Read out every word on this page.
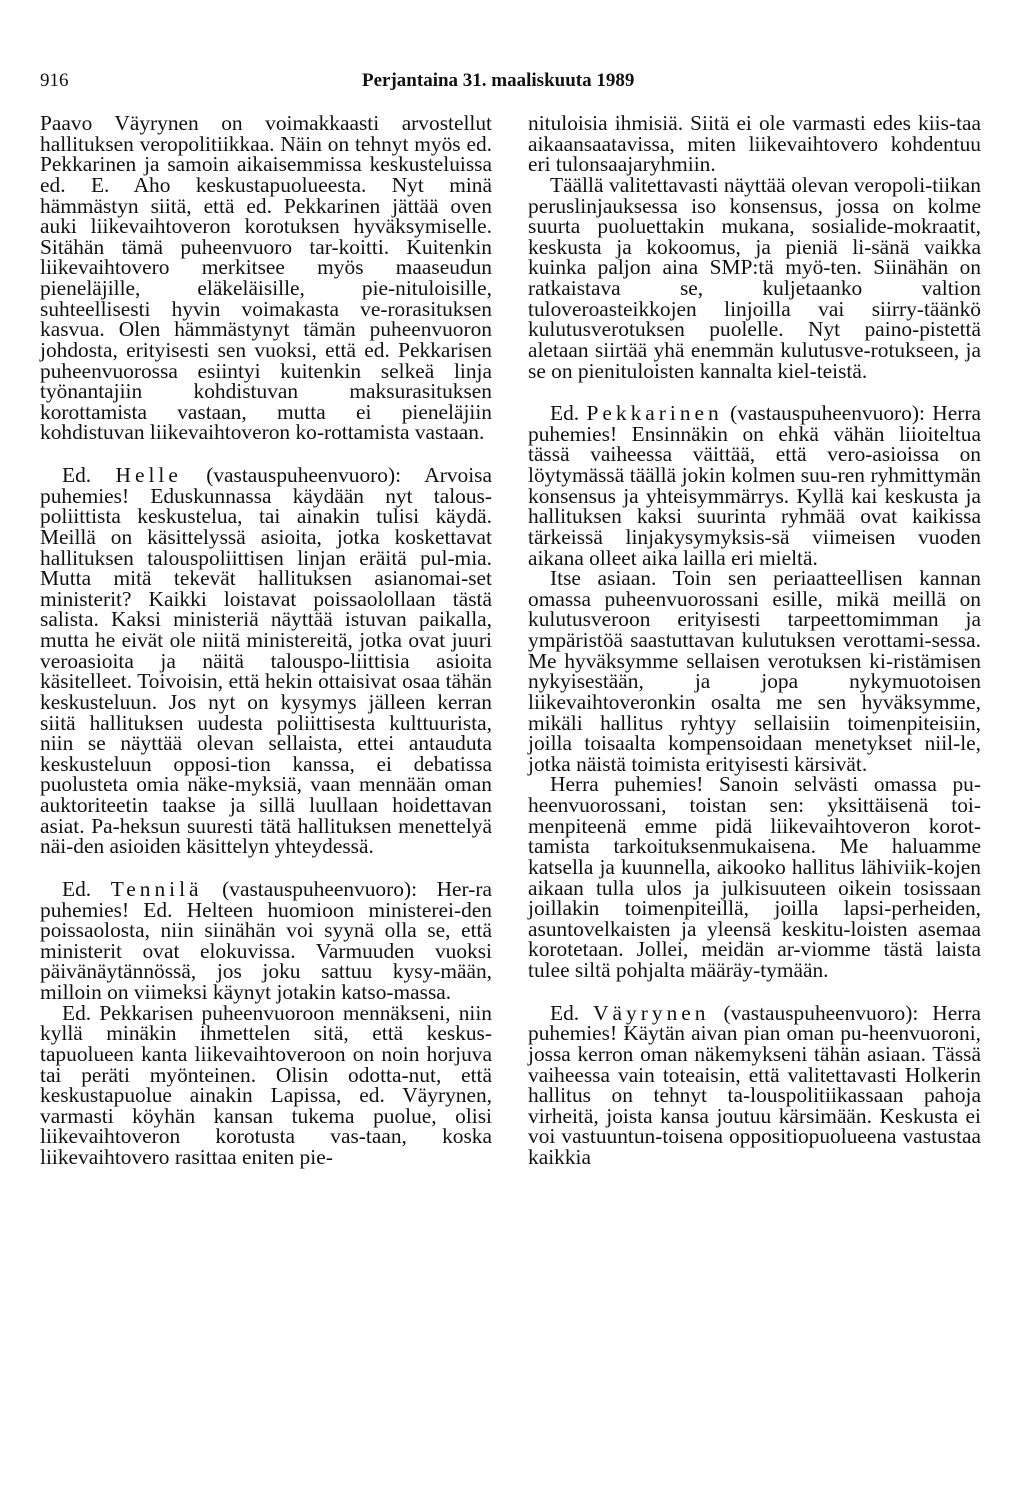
916	Perjantaina 31. maaliskuuta 1989

Paavo Väyrynen on voimakkaasti arvostellut hallituksen veropolitiikkaa. Näin on tehnyt myös ed. Pekkarinen ja samoin aikaisemmissa keskusteluissa ed. E. Aho keskustapuolueesta. Nyt minä hämmästyn siitä, että ed. Pekkarinen jättää oven auki liikevaihtoveron korotuksen hyväksymiselle. Sitähän tämä puheenvuoro tar-koitti. Kuitenkin liikevaihtovero merkitsee myös maaseudun pieneläjille, eläkeläisille, pie-nituloisille, suhteellisesti hyvin voimakasta ve-rorasituksen kasvua. Olen hämmästynyt tämän puheenvuoron johdosta, erityisesti sen vuoksi, että ed. Pekkarisen puheenvuorossa esiintyi kuitenkin selkeä linja työnantajiin kohdistuvan maksurasituksen korottamista vastaan, mutta ei pieneläjiin kohdistuvan liikevaihtoveron ko-rottamista vastaan.

Ed. Helle (vastauspuheenvuoro): Arvoisa puhemies! Eduskunnassa käydään nyt talous-poliittista keskustelua, tai ainakin tulisi käydä. Meillä on käsittelyssä asioita, jotka koskettavat hallituksen talouspoliittisen linjan eräitä pul-mia. Mutta mitä tekevät hallituksen asianomai-set ministerit? Kaikki loistavat poissaolollaan tästä salista. Kaksi ministeriä näyttää istuvan paikalla, mutta he eivät ole niitä ministereitä, jotka ovat juuri veroasioita ja näitä talouspo-liittisia asioita käsitelleet. Toivoisin, että hekin ottaisivat osaa tähän keskusteluun. Jos nyt on kysymys jälleen kerran siitä hallituksen uudesta poliittisesta kulttuurista, niin se näyttää olevan sellaista, ettei antauduta keskusteluun opposi-tion kanssa, ei debatissa puolusteta omia näke-myksiä, vaan mennään oman auktoriteetin taakse ja sillä luullaan hoidettavan asiat. Pa-heksun suuresti tätä hallituksen menettelyä näi-den asioiden käsittelyn yhteydessä.

Ed. Tennilä (vastauspuheenvuoro): Her-ra puhemies! Ed. Helteen huomioon ministerei-den poissaolosta, niin siinähän voi syynä olla se, että ministerit ovat elokuvissa. Varmuuden vuoksi päivänäytännössä, jos joku sattuu kysy-mään, milloin on viimeksi käynyt jotakin katso-massa.

Ed. Pekkarisen puheenvuoroon mennäkseni, niin kyllä minäkin ihmettelen sitä, että keskus-tapuolueen kanta liikevaihtoveroon on noin horjuva tai peräti myönteinen. Olisin odotta-nut, että keskustapuolue ainakin Lapissa, ed. Väyrynen, varmasti köyhän kansan tukema puolue, olisi liikevaihtoveron korotusta vas-taan, koska liikevaihtovero rasittaa eniten pie-

nituloisia ihmisiä. Siitä ei ole varmasti edes kiis-taa aikaansaatavissa, miten liikevaihtovero kohdentuu eri tulonsaajaryhmiin.

Täällä valitettavasti näyttää olevan veropoli-tiikan peruslinjauksessa iso konsensus, jossa on kolme suurta puoluettakin mukana, sosialide-mokraatit, keskusta ja kokoomus, ja pieniä li-sänä vaikka kuinka paljon aina SMP:tä myö-ten. Siinähän on ratkaistava se, kuljetaanko valtion tuloveroasteikkojen linjoilla vai siirry-täänkö kulutusverotuksen puolelle. Nyt paino-pistettä aletaan siirtää yhä enemmän kulutusve-rotukseen, ja se on pienituloisten kannalta kiel-teistä.

Ed. Pekkarinen (vastauspuheenvuoro): Herra puhemies! Ensinnäkin on ehkä vähän liioiteltua tässä vaiheessa väittää, että vero-asioissa on löytymässä täällä jokin kolmen suu-ren ryhmittymän konsensus ja yhteisymmärrys. Kyllä kai keskusta ja hallituksen kaksi suurinta ryhmää ovat kaikissa tärkeissä linjakysymyksis-sä viimeisen vuoden aikana olleet aika lailla eri mieltä.

Itse asiaan. Toin sen periaatteellisen kannan omassa puheenvuorossani esille, mikä meillä on kulutusveroon erityisesti tarpeettomimman ja ympäristöä saastuttavan kulutuksen verottami-sessa. Me hyväksymme sellaisen verotuksen ki-ristämisen nykyisestään, ja jopa nykymuotoisen liikevaihtoveronkin osalta me sen hyväksymme, mikäli hallitus ryhtyy sellaisiin toimenpiteisiin, joilla toisaalta kompensoidaan menetykset niil-le, jotka näistä toimista erityisesti kärsivät.

Herra puhemies! Sanoin selvästi omassa pu-heenvuorossani, toistan sen: yksittäisenä toi-menpiteenä emme pidä liikevaihtoveron korot-tamista tarkoituksenmukaisena. Me haluamme katsella ja kuunnella, aikooko hallitus lähiviik-kojen aikaan tulla ulos ja julkisuuteen oikein tosissaan joillakin toimenpiteillä, joilla lapsi-perheiden, asuntovelkaisten ja yleensä keskitu-loisten asemaa korotetaan. Jollei, meidän ar-viomme tästä laista tulee siltä pohjalta määräy-tymään.

Ed. Väyrynen (vastauspuheenvuoro): Herra puhemies! Käytän aivan pian oman pu-heenvuoroni, jossa kerron oman näkemykseni tähän asiaan. Tässä vaiheessa vain toteaisin, että valitettavasti Holkerin hallitus on tehnyt ta-louspolitiikassaan pahoja virheitä, joista kansa joutuu kärsimään. Keskusta ei voi vastuuntun-toisena oppositiopuolueena vastustaa kaikkia
